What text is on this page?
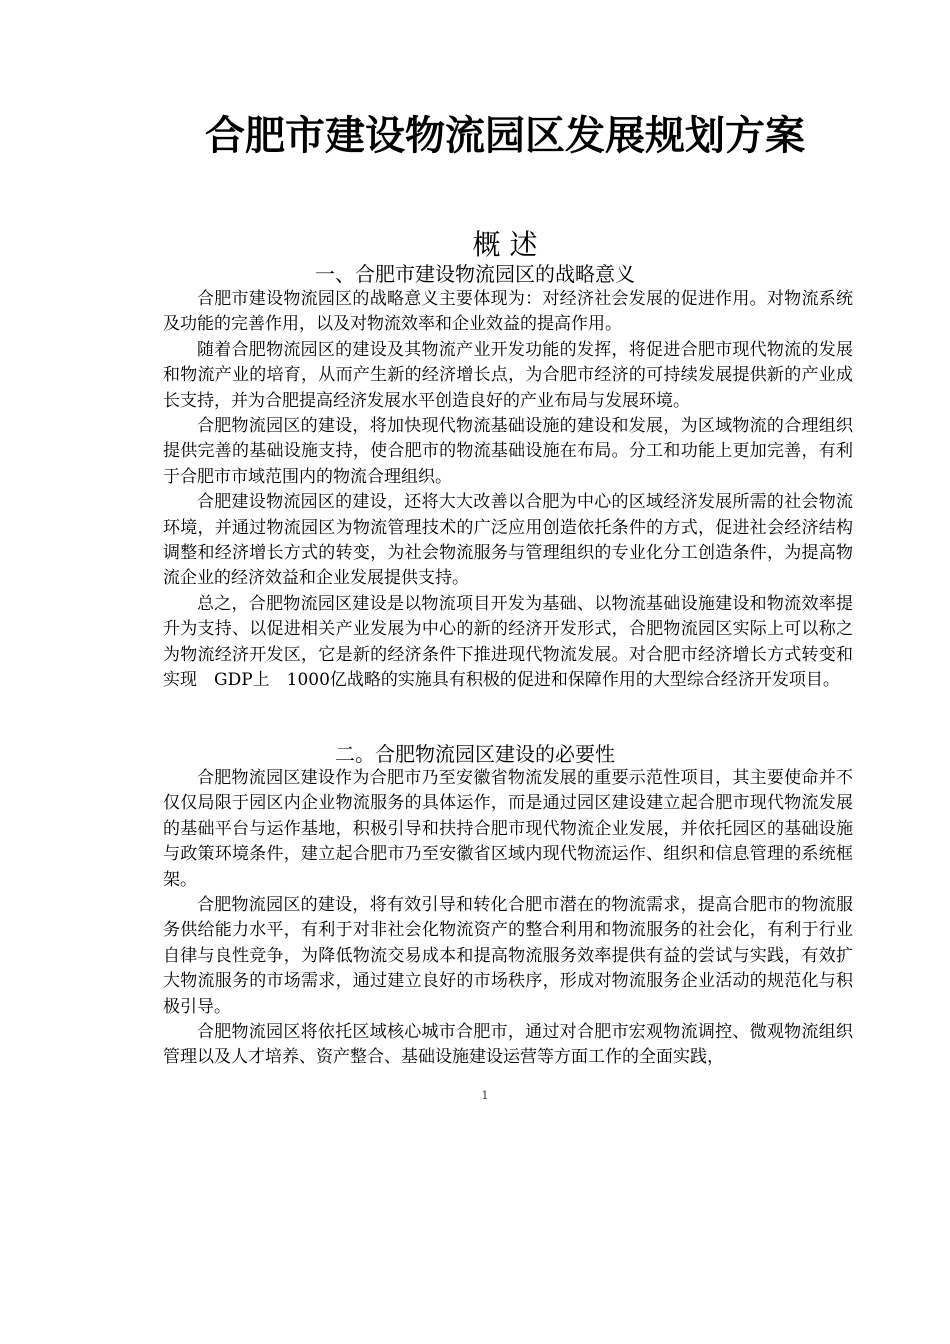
合肥市建设物流园区发展规划方案
概 述
一、合肥市建设物流园区的战略意义

合肥市建设物流园区的战略意义主要体现为：对经济社会发展的促进作用。对物流系统及功能的完善作用，以及对物流效率和企业效益的提高作用。

随着合肥物流园区的建设及其物流产业开发功能的发挥，将促进合肥市现代物流的发展和物流产业的培育，从而产生新的经济增长点，为合肥市经济的可持续发展提供新的产业成长支持，并为合肥提高经济发展水平创造良好的产业布局与发展环境。

合肥物流园区的建设，将加快现代物流基础设施的建设和发展，为区域物流的合理组织提供完善的基础设施支持，使合肥市的物流基础设施在布局。分工和功能上更加完善，有利于合肥市市域范围内的物流合理组织。

合肥建设物流园区的建设，还将大大改善以合肥为中心的区域经济发展所需的社会物流环境，并通过物流园区为物流管理技术的广泛应用创造依托条件的方式，促进社会经济结构调整和经济增长方式的转变，为社会物流服务与管理组织的专业化分工创造条件，为提高物流企业的经济效益和企业发展提供支持。

总之，合肥物流园区建设是以物流项目开发为基础、以物流基础设施建设和物流效率提升为支持、以促进相关产业发展为中心的新的经济开发形式，合肥物流园区实际上可以称之为物流经济开发区，它是新的经济条件下推进现代物流发展。对合肥市经济增长方式转变和实现　GDP上　1000亿战略的实施具有积极的促进和保障作用的大型综合经济开发项目。

二。合肥物流园区建设的必要性

合肥物流园区建设作为合肥市乃至安徽省物流发展的重要示范性项目，其主要使命并不仅仅局限于园区内企业物流服务的具体运作，而是通过园区建设建立起合肥市现代物流发展的基础平台与运作基地，积极引导和扶持合肥市现代物流企业发展，并依托园区的基础设施与政策环境条件，建立起合肥市乃至安徽省区域内现代物流运作、组织和信息管理的系统框架。

合肥物流园区的建设，将有效引导和转化合肥市潜在的物流需求，提高合肥市的物流服务供给能力水平，有利于对非社会化物流资产的整合利用和物流服务的社会化，有利于行业自律与良性竞争，为降低物流交易成本和提高物流服务效率提供有益的尝试与实践，有效扩大物流服务的市场需求，通过建立良好的市场秩序，形成对物流服务企业活动的规范化与积极引导。

合肥物流园区将依托区域核心城市合肥市，通过对合肥市宏观物流调控、微观物流组织管理以及人才培养、资产整合、基础设施建设运营等方面工作的全面实践，

1
